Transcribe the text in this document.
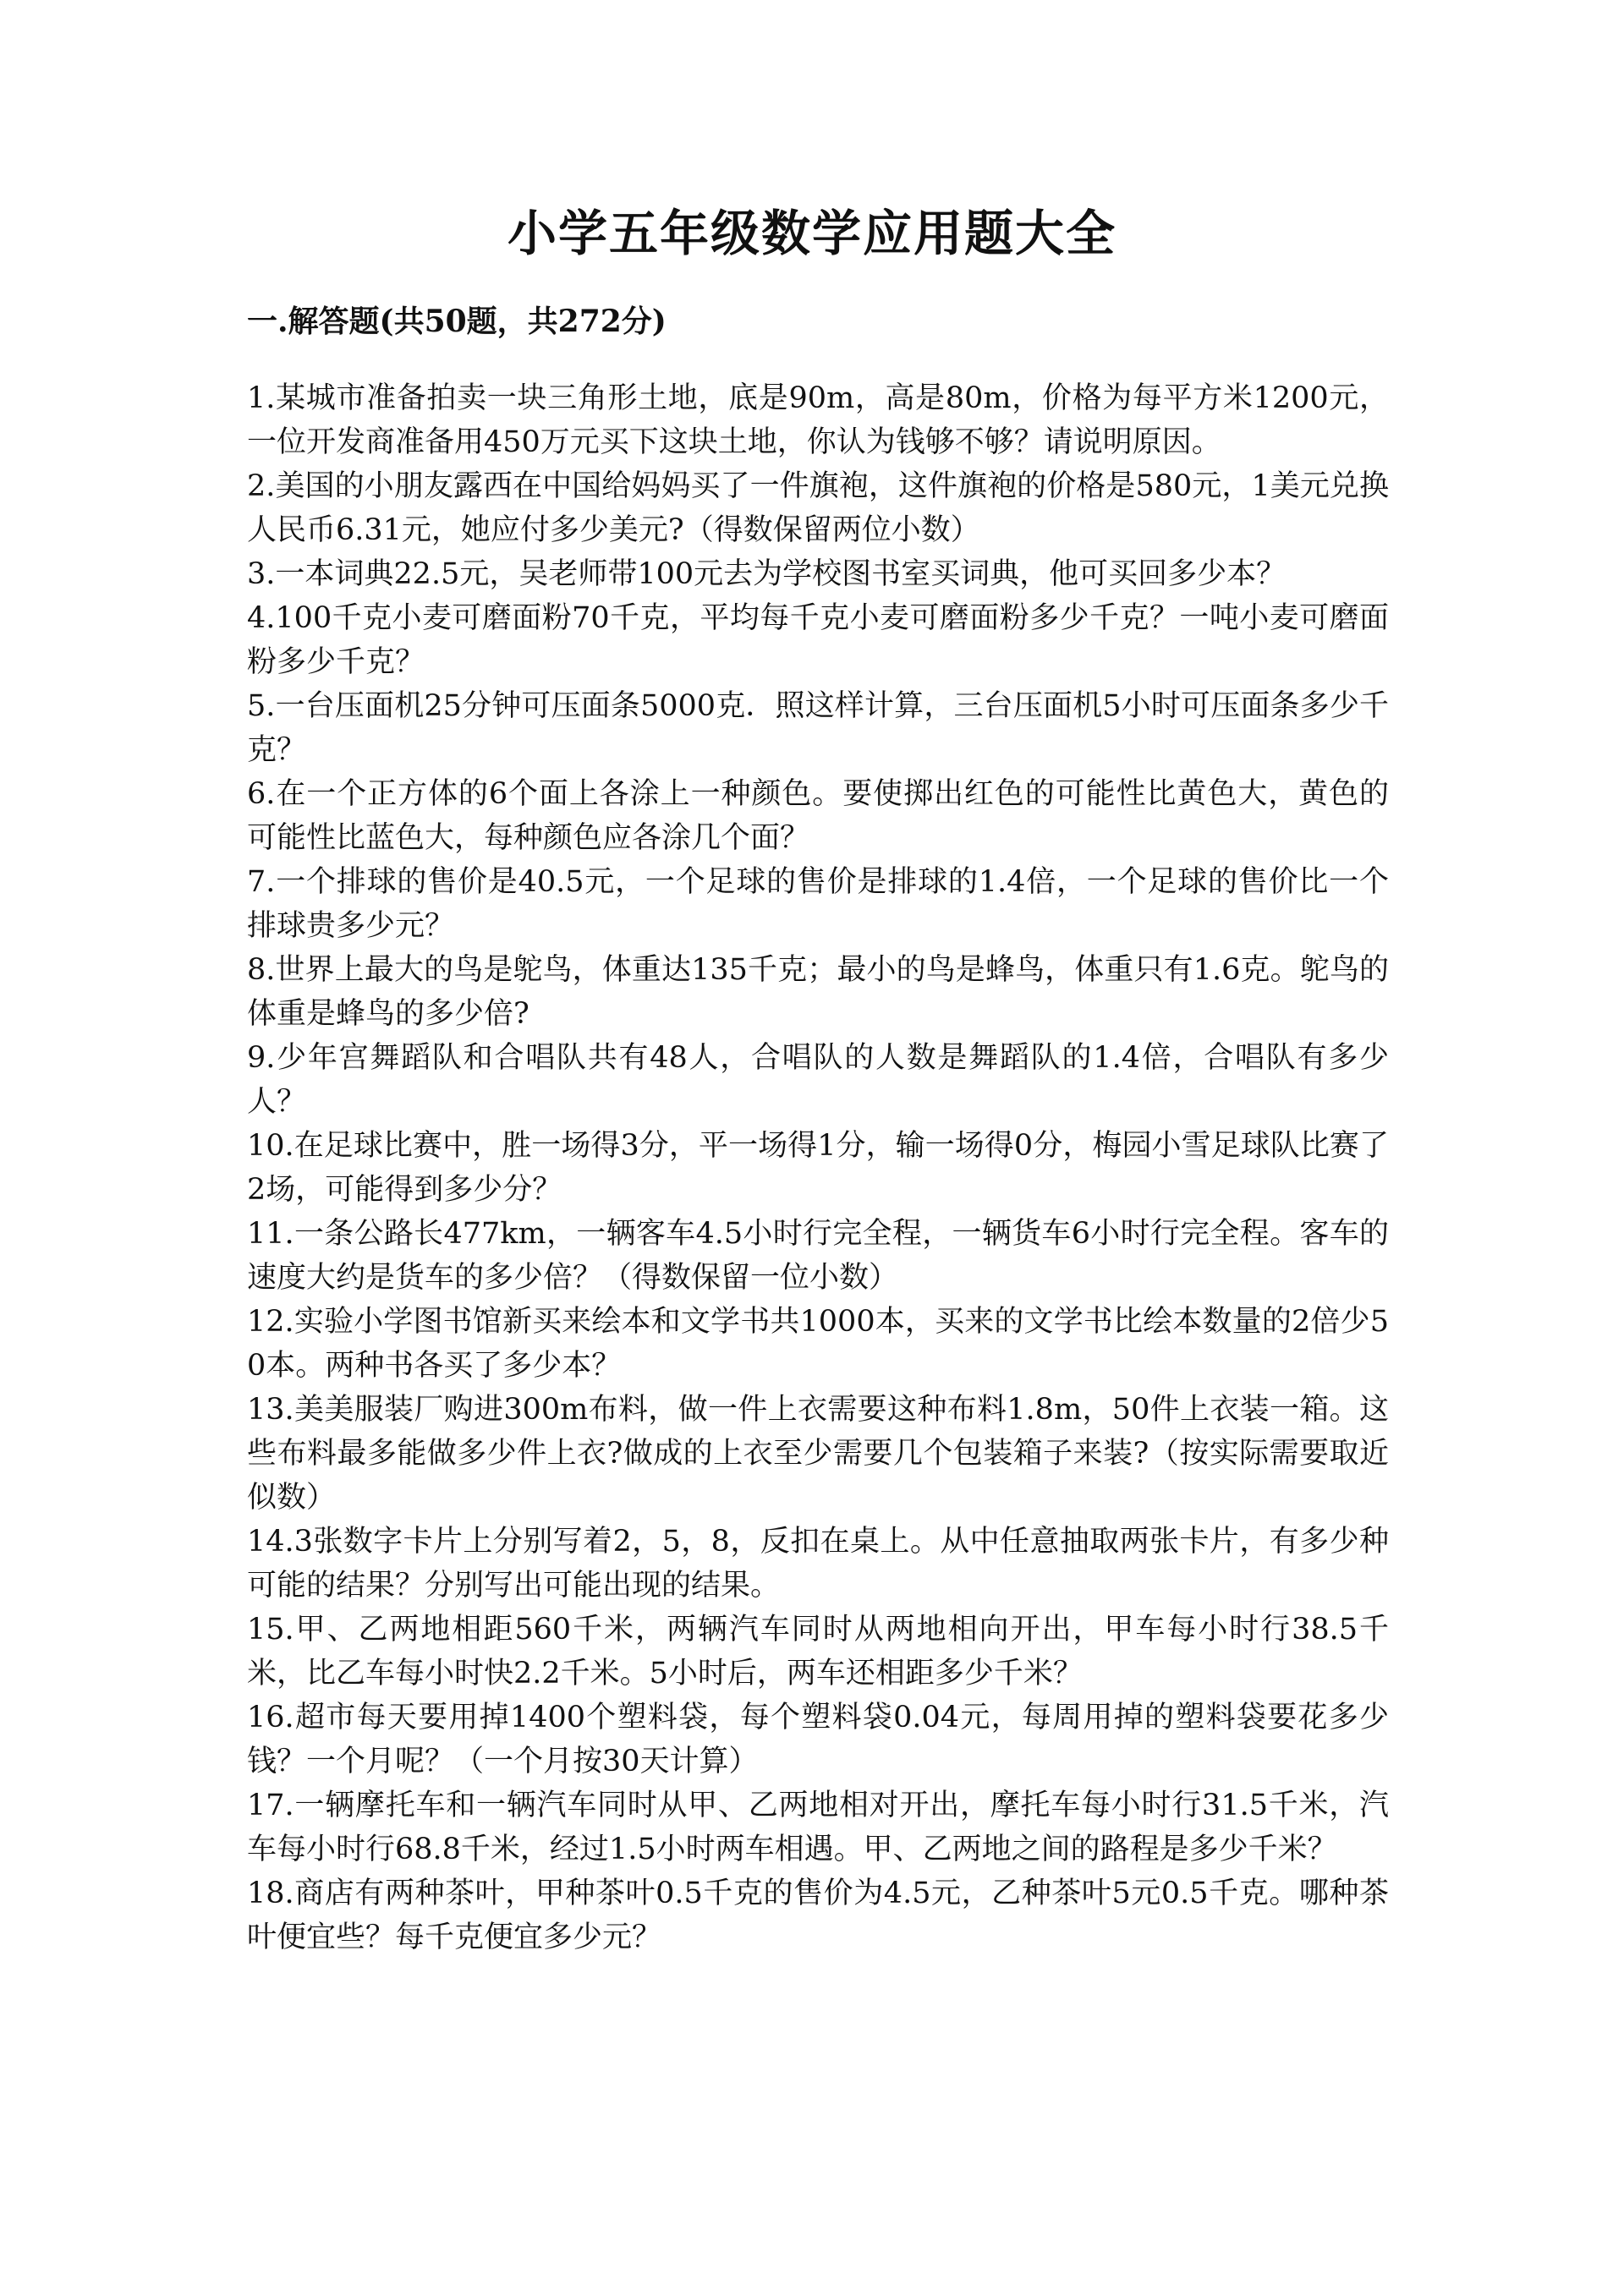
小学五年级数学应用题大全
一.解答题(共50题，共272分)

1.某城市准备拍卖一块三角形土地，底是90m，高是80m，价格为每平方米1200元，一位开发商准备用450万元买下这块土地，你认为钱够不够？请说明原因。

2.美国的小朋友露西在中国给妈妈买了一件旗袍，这件旗袍的价格是580元，1美元兑换人民币6.31元，她应付多少美元?（得数保留两位小数）

3.一本词典22.5元，吴老师带100元去为学校图书室买词典，他可买回多少本？

4.100千克小麦可磨面粉70千克，平均每千克小麦可磨面粉多少千克？一吨小麦可磨面粉多少千克？

5.一台压面机25分钟可压面条5000克．照这样计算，三台压面机5小时可压面条多少千克？

6.在一个正方体的6个面上各涂上一种颜色。要使掷出红色的可能性比黄色大，黄色的可能性比蓝色大，每种颜色应各涂几个面？

7.一个排球的售价是40.5元，一个足球的售价是排球的1.4倍，一个足球的售价比一个排球贵多少元？

8.世界上最大的鸟是鸵鸟，体重达135千克；最小的鸟是蜂鸟，体重只有1.6克。鸵鸟的体重是蜂鸟的多少倍?

9.少年宫舞蹈队和合唱队共有48人，合唱队的人数是舞蹈队的1.4倍，合唱队有多少人？

10.在足球比赛中，胜一场得3分，平一场得1分，输一场得0分，梅园小雪足球队比赛了2场，可能得到多少分？

11.一条公路长477km，一辆客车4.5小时行完全程，一辆货车6小时行完全程。客车的速度大约是货车的多少倍？（得数保留一位小数）

12.实验小学图书馆新买来绘本和文学书共1000本，买来的文学书比绘本数量的2倍少50本。两种书各买了多少本？

13.美美服装厂购进300m布料，做一件上衣需要这种布料1.8m，50件上衣装一箱。这些布料最多能做多少件上衣?做成的上衣至少需要几个包装箱子来装?（按实际需要取近似数）

14.3张数字卡片上分别写着2，5，8，反扣在桌上。从中任意抽取两张卡片，有多少种可能的结果？分别写出可能出现的结果。

15.甲、乙两地相距560千米，两辆汽车同时从两地相向开出，甲车每小时行38.5千米，比乙车每小时快2.2千米。5小时后，两车还相距多少千米？

16.超市每天要用掉1400个塑料袋，每个塑料袋0.04元，每周用掉的塑料袋要花多少钱？一个月呢？（一个月按30天计算）

17.一辆摩托车和一辆汽车同时从甲、乙两地相对开出，摩托车每小时行31.5千米，汽车每小时行68.8千米，经过1.5小时两车相遇。甲、乙两地之间的路程是多少千米？

18.商店有两种茶叶，甲种茶叶0.5千克的售价为4.5元，乙种茶叶5元0.5千克。哪种茶叶便宜些？每千克便宜多少元？
